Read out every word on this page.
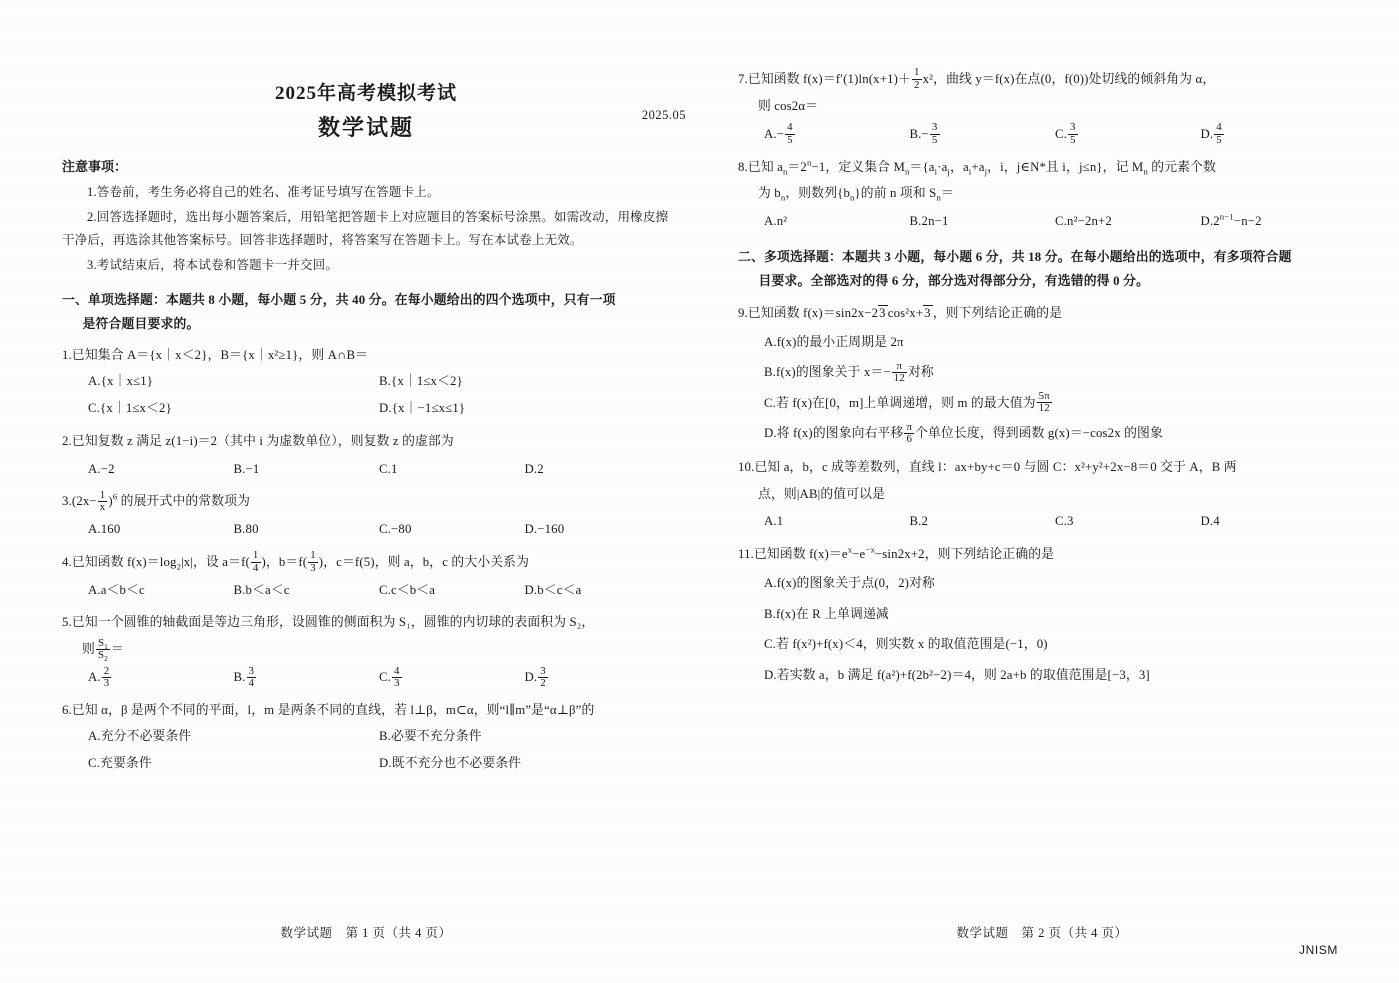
2025年高考模拟考试
数学试题	2025.05
注意事项：
1.答卷前，考生务必将自己的姓名、准考证号填写在答题卡上。
2.回答选择题时，选出每小题答案后，用铅笔把答题卡上对应题目的答案标号涂黑。如需改动，用橡皮擦干净后，再选涂其他答案标号。回答非选择题时，将答案写在答题卡上。写在本试卷上无效。
3.考试结束后，将本试卷和答题卡一并交回。
一、单项选择题：本题共 8 小题，每小题 5 分，共 40 分。在每小题给出的四个选项中，只有一项
是符合题目要求的。
1.已知集合 A＝{x｜x＜2}，B＝{x｜x²≥1}，则 A∩B＝
A.{x｜x≤1}	B.{x｜1≤x＜2}
C.{x｜1≤x＜2}	D.{x｜−1≤x≤1}
2.已知复数 z 满足 z(1−i)＝2（其中 i 为虚数单位），则复数 z 的虚部为
A.−2	B.−1	C.1	D.2
$3.(2x- \frac{1}{x} )^6$ 的展开式中的常数项为
A.160	B.80	C.−80	D.−160
4.已知函数 $f(x)=\log_2|x|$，设 $a=f( \frac{1}{4}$ )，$b=f( \frac{1}{3}$ )，c＝f(5)，则 a，b，c 的大小关系为
A.a＜b＜c	B.b＜a＜c	C.c＜b＜a	D.b＜c＜a
5.已知一个圆锥的轴截面是等边三角形，设圆锥的侧面积为 S₁，圆锥的内切球的表面积为 S₂，
则 $\frac{S_1}{S_2}$ ＝
A. $\frac{2}{3}$	B. $\frac{3}{4}$	C. $\frac{4}{3}$	D. $\frac{3}{2}$
6.已知 α，β 是两个不同的平面，l，m 是两条不同的直线，若 l⊥β，m⊂α，则“l∥m”是“α⊥β”的
A.充分不必要条件	B.必要不充分条件
C.充要条件	D.既不充分也不必要条件
数学试题　第 1 页（共 4 页）
7.已知函数 $f(x)=f'(1)\ln(x+1)+ \frac{1}{2} x^2$，曲线 y＝f(x)在点(0，f(0))处切线的倾斜角为 α，
则 cos2α＝
$A.- \frac{4}{5}$	$B.- \frac{3}{5}$	C. $\frac{3}{5}$	D. $\frac{4}{5}$
8.已知 $a_n=2^n-1$，定义集合 $M_n=\{a_i\cdot a_j$，$a_i+a_j$，i，j∈N*且 i，j≤n}，记 $M_n$ 的元素个数
为 $b_n$，则数列$\{b_n\}$的前 n 项和 $S_n=$
A.n²	B.2n−1	C.n²−2n+2	$D.2^{n-1}-n-2$
二、多项选择题：本题共 3 小题，每小题 6 分，共 18 分。在每小题给出的选项中，有多项符合题
目要求。全部选对的得 6 分，部分选对得部分分，有选错的得 0 分。
9.已知函数 f(x)＝sin2x−23 cos²x+3 ，则下列结论正确的是
A.f(x)的最小正周期是 2π
B.f(x)的图象关于 $x=- \frac{\pi}{12}$ 对称
C.若 f(x)在[0，m]上单调递增，则 m 的最大值为 $\frac{5\pi}{12}$
D.将 f(x)的图象向右平移 $\frac{\pi}{6}$ 个单位长度，得到函数 g(x)＝−cos2x 的图象
10.已知 a，b，c 成等差数列，直线 l：ax+by+c＝0 与圆 C：x²+y²+2x−8＝0 交于 A，B 两
点，则|AB|的值可以是
A.1	B.2	C.3	D.4
11.已知函数 $f(x)=e^x-e^{-x}-\sin 2x+2$，则下列结论正确的是
A.f(x)的图象关于点(0，2)对称
B.f(x)在 R 上单调递减
C.若 f(x²)+f(x)＜4，则实数 x 的取值范围是(−1，0)
D.若实数 a，b 满足 f(a²)+f(2b²−2)＝4，则 2a+b 的取值范围是[−3，3]
数学试题　第 2 页（共 4 页）
JNISM
